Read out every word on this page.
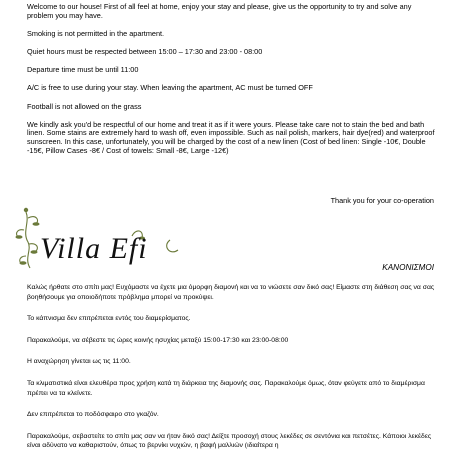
Welcome to our house! First of all feel at home, enjoy your stay and please, give us the opportunity to try and solve any problem you may have.

Smoking is not permitted in the apartment.

Quiet hours must be respected between 15:00 – 17:30 and 23:00 - 08:00

Departure time must be until 11:00

A/C is free to use during your stay. When leaving the apartment, AC must be turned OFF

Football is not allowed on the grass

We kindly ask you'd be respectful of our home and treat it as if it were yours. Please take care not to stain the bed and bath linen. Some stains are extremely hard to wash off, even impossible. Such as nail polish, markers, hair dye(red) and waterproof sunscreen. In this case, unfortunately, you will be charged by the cost of a new linen (Cost of bed linen: Single -10€, Double -15€, Pillow Cases -8€ / Cost of towels: Small -8€, Large -12€)

Thank you for your co-operation
Villa Efi
ΚΑΝΟΝΙΣΜΟΙ

Καλώς ήρθατε στο σπίτι μας! Ευχόμαστε να έχετε μια όμορφη διαμονή και να το νιώσετε σαν δικό σας! Είμαστε στη διάθεση σας να σας βοηθήσουμε για οποιοδήποτε πρόβλημα μπορεί να προκύψει.

Το κάπνισμα δεν επιτρέπεται εντός του διαμερίσματος.

Παρακαλούμε, να σέβεστε τις ώρες κοινής ησυχίας μεταξύ 15:00-17:30 και 23:00-08:00

Η αναχώρηση γίνεται ως τις 11:00.

Τα κλιματιστικά είναι ελευθέρα προς χρήση κατά τη διάρκεια της διαμονής σας. Παρακαλούμε όμως, όταν φεύγετε από το διαμέρισμα πρέπει να τα κλείνετε.

Δεν επιτρέπεται το ποδόσφαιρο στο γκαζόν.

Παρακαλούμε, σεβαστείτε το σπίτι μας σαν να ήταν δικό σας! Δείξτε προσοχή στους λεκέδες σε σεντόνια και πετσέτες. Κάποιοι λεκέδες είναι αδύνατο να καθαριστούν, όπως το βερνίκι νυχιών, η βαφή μαλλιών (ιδιαίτερα η
